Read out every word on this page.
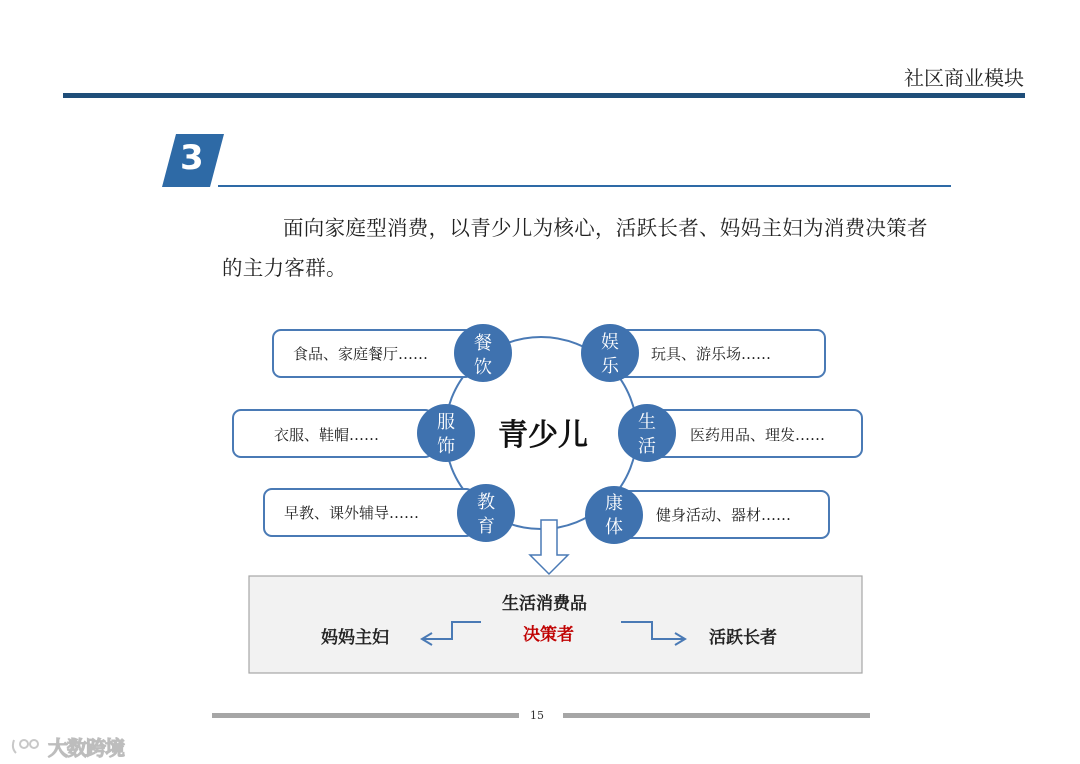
社区商业模块
3
面向家庭型消费，以青少儿为核心，活跃长者、妈妈主妇为消费决策者的主力客群。
食品、家庭餐厅……
衣服、鞋帽……
早教、课外辅导……
玩具、游乐场……
医药用品、理发……
健身活动、器材……
餐
饮
服
饰
教
育
娱
乐
生
活
康
体
青少儿
生活消费品
妈妈主妇	决策者	活跃长者
15
大数跨境
